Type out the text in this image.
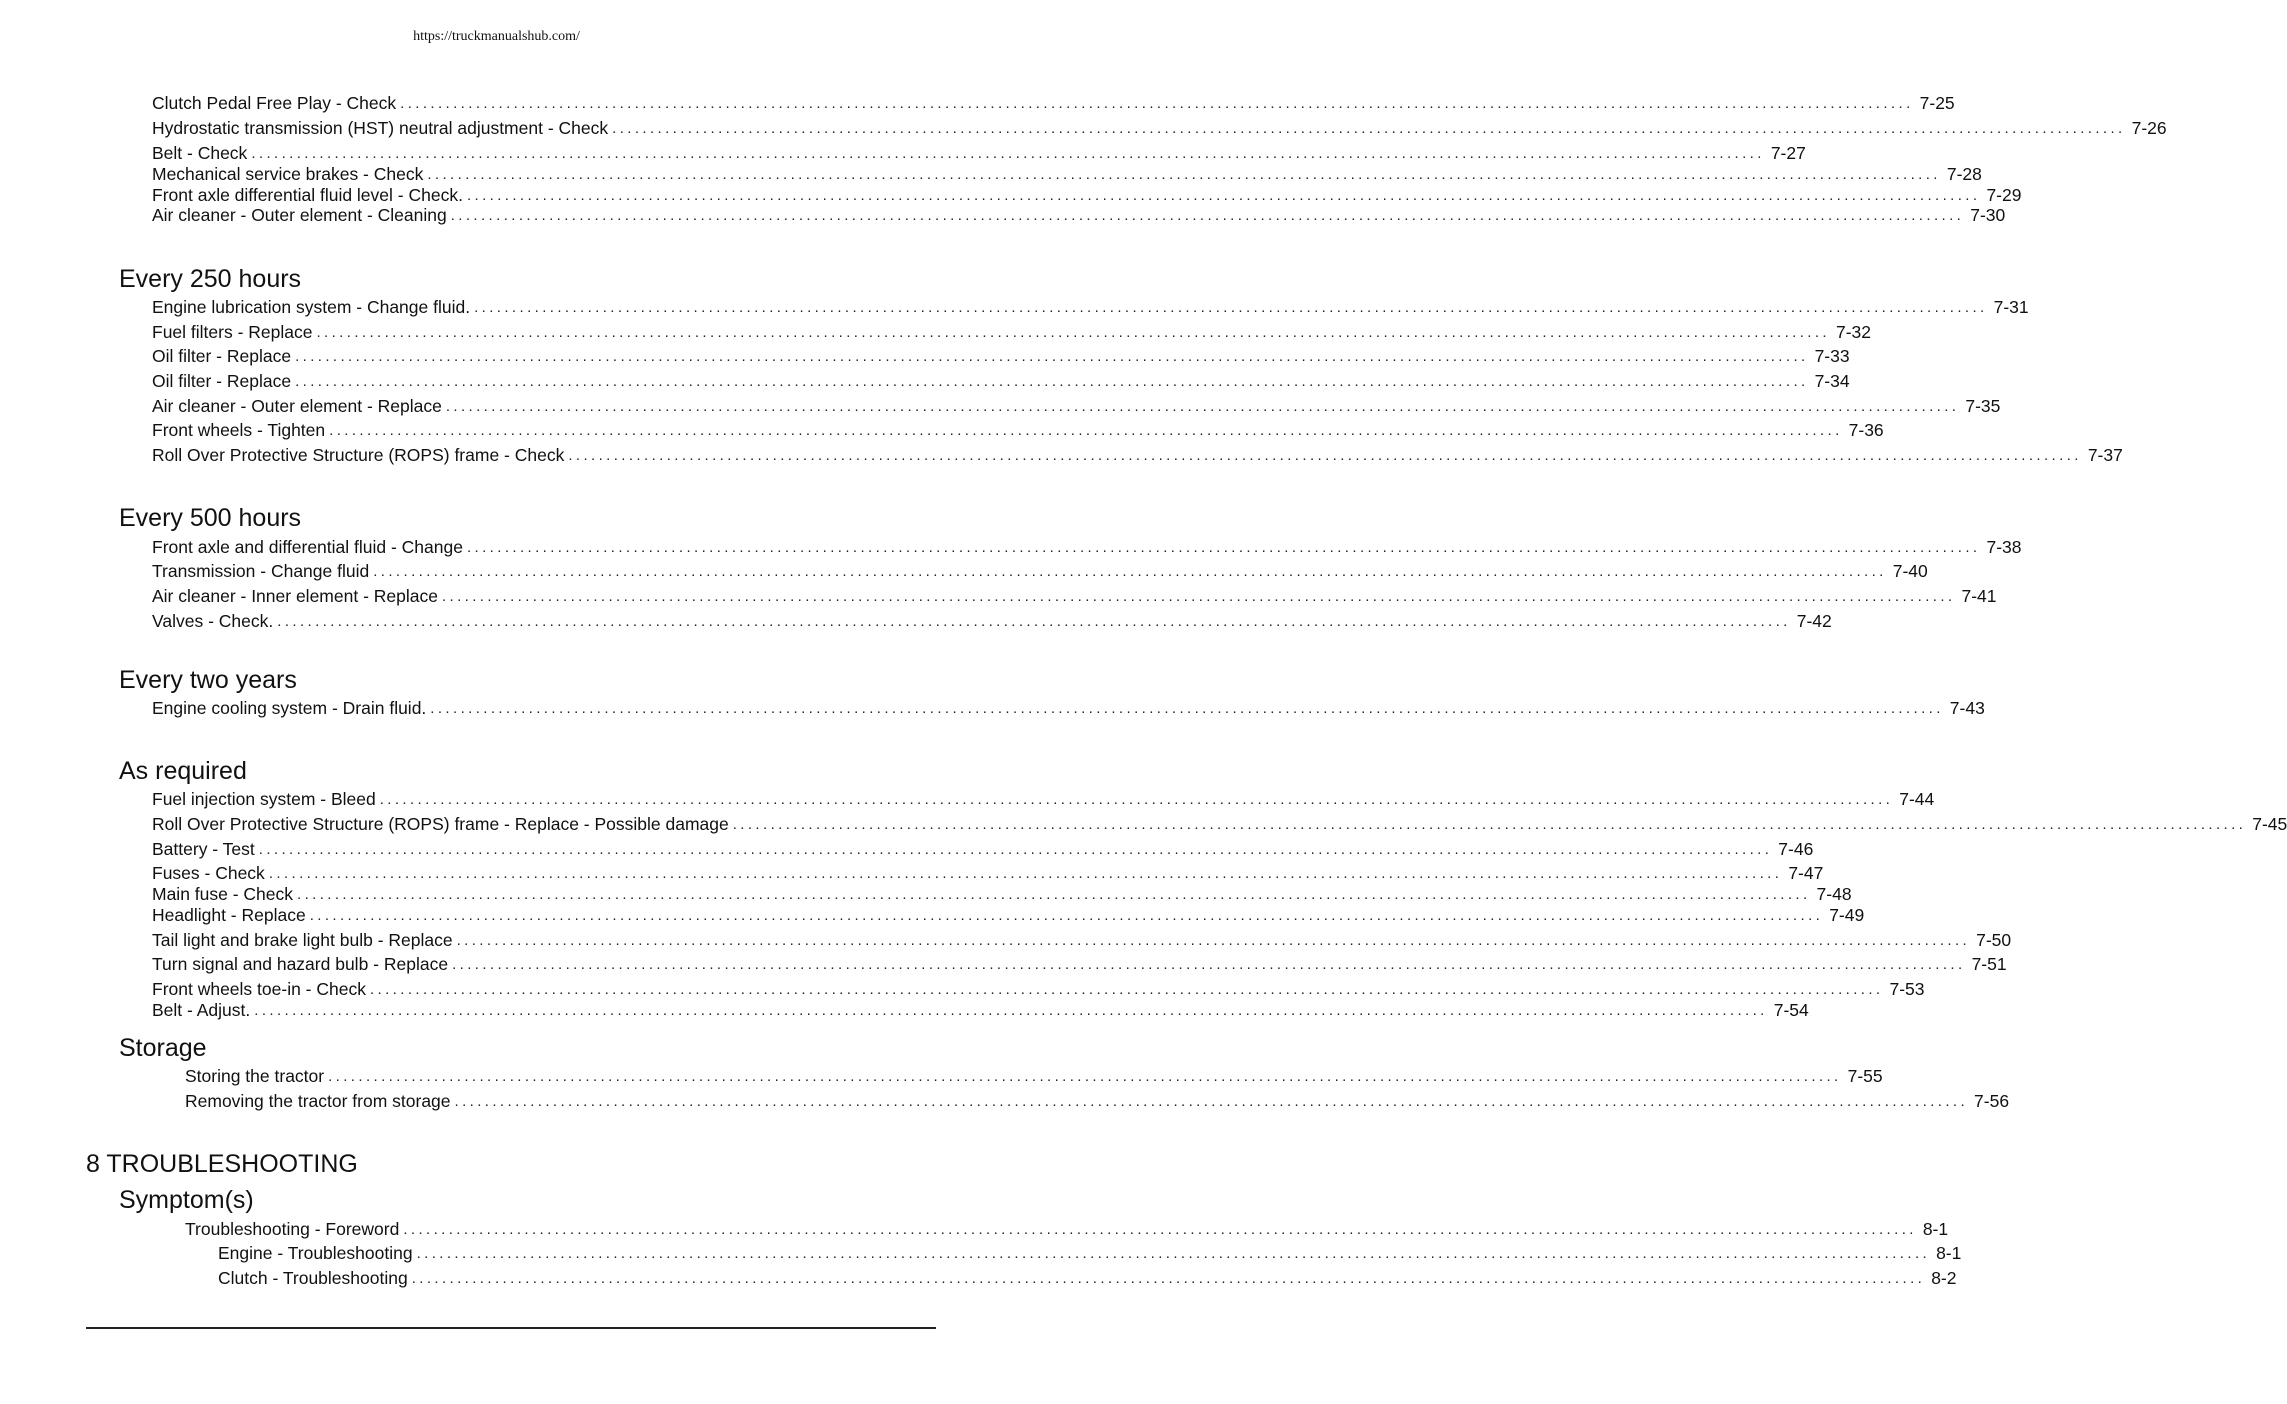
https://truckmanualshub.com/
Clutch Pedal Free Play - Check ........................................................................................................................................................................................................ 7-25
Hydrostatic transmission (HST) neutral adjustment - Check ........................................................................................................................................................................................................ 7-26
Belt - Check ........................................................................................................................................................................................................ 7-27
Mechanical service brakes - Check ........................................................................................................................................................................................................ 7-28
Front axle differential fluid level - Check. ........................................................................................................................................................................................................ 7-29
Air cleaner - Outer element - Cleaning ........................................................................................................................................................................................................ 7-30
Every 250 hours
Engine lubrication system - Change fluid. ........................................................................................................................................................................................................ 7-31
Fuel filters - Replace ........................................................................................................................................................................................................ 7-32
Oil filter - Replace ........................................................................................................................................................................................................ 7-33
Oil filter - Replace ........................................................................................................................................................................................................ 7-34
Air cleaner - Outer element - Replace ........................................................................................................................................................................................................ 7-35
Front wheels - Tighten ........................................................................................................................................................................................................ 7-36
Roll Over Protective Structure (ROPS) frame - Check ........................................................................................................................................................................................................ 7-37
Every 500 hours
Front axle and differential fluid - Change ........................................................................................................................................................................................................ 7-38
Transmission - Change fluid ........................................................................................................................................................................................................ 7-40
Air cleaner - Inner element - Replace ........................................................................................................................................................................................................ 7-41
Valves - Check. ........................................................................................................................................................................................................ 7-42
Every two years
Engine cooling system - Drain fluid. ........................................................................................................................................................................................................ 7-43
As required
Fuel injection system - Bleed ........................................................................................................................................................................................................ 7-44
Roll Over Protective Structure (ROPS) frame - Replace - Possible damage ........................................................................................................................................................................................................ 7-45
Battery - Test ........................................................................................................................................................................................................ 7-46
Fuses - Check ........................................................................................................................................................................................................ 7-47
Main fuse - Check ........................................................................................................................................................................................................ 7-48
Headlight - Replace ........................................................................................................................................................................................................ 7-49
Tail light and brake light bulb - Replace ........................................................................................................................................................................................................ 7-50
Turn signal and hazard bulb - Replace ........................................................................................................................................................................................................ 7-51
Front wheels toe-in - Check ........................................................................................................................................................................................................ 7-53
Belt - Adjust. ........................................................................................................................................................................................................ 7-54
Storage
Storing the tractor ........................................................................................................................................................................................................ 7-55
Removing the tractor from storage ........................................................................................................................................................................................................ 7-56
8 TROUBLESHOOTING
Symptom(s)
Troubleshooting - Foreword ........................................................................................................................................................................................................ 8-1
Engine - Troubleshooting ........................................................................................................................................................................................................ 8-1
Clutch - Troubleshooting ........................................................................................................................................................................................................ 8-2
